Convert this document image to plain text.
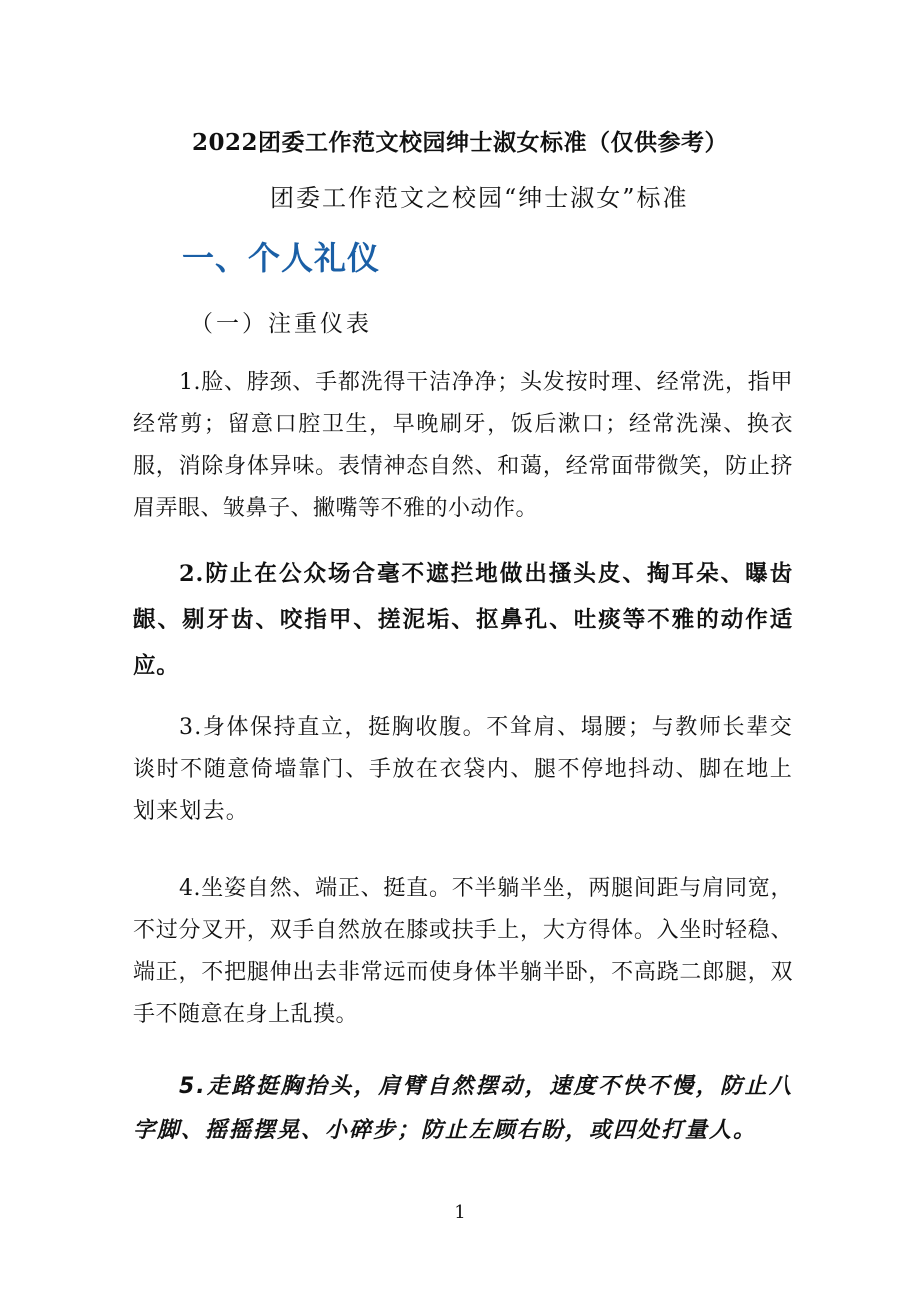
2022团委工作范文校园绅士淑女标准（仅供参考）
团委工作范文之校园“绅士淑女”标准
一、个人礼仪
（一）注重仪表

1.脸、脖颈、手都洗得干洁净净；头发按时理、经常洗，指甲经常剪；留意口腔卫生，早晚刷牙，饭后漱口；经常洗澡、换衣服，消除身体异味。表情神态自然、和蔼，经常面带微笑，防止挤眉弄眼、皱鼻子、撇嘴等不雅的小动作。

2.防止在公众场合毫不遮拦地做出搔头皮、掏耳朵、曝齿龈、剔牙齿、咬指甲、搓泥垢、抠鼻孔、吐痰等不雅的动作适应。

3.身体保持直立，挺胸收腹。不耸肩、塌腰；与教师长辈交谈时不随意倚墙靠门、手放在衣袋内、腿不停地抖动、脚在地上划来划去。

4.坐姿自然、端正、挺直。不半躺半坐，两腿间距与肩同宽，不过分叉开，双手自然放在膝或扶手上，大方得体。入坐时轻稳、端正，不把腿伸出去非常远而使身体半躺半卧，不高跷二郎腿，双手不随意在身上乱摸。

5.走路挺胸抬头，肩臂自然摆动，速度不快不慢，防止八字脚、摇摇摆晃、小碎步；防止左顾右盼，或四处打量人。

1
